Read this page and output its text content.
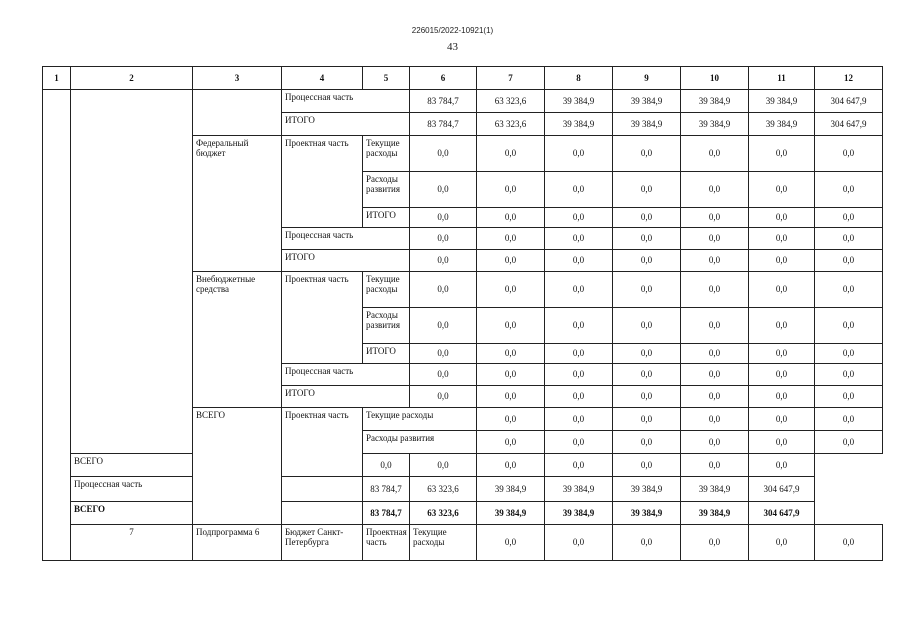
226015/2022-10921(1)
43
1	2	3	4	5	6	7	8	9	10	11	12	
			Процессная часть		83 784,7	63 323,6	39 384,9	39 384,9	39 384,9	39 384,9	304 647,9	
			ИТОГО		83 784,7	63 323,6	39 384,9	39 384,9	39 384,9	39 384,9	304 647,9	
		Федеральный бюджет	Проектная часть	Текущие расходы	0,0	0,0	0,0	0,0	0,0	0,0	0,0	
				Расходы развития	0,0	0,0	0,0	0,0	0,0	0,0	0,0	
				ИТОГО	0,0	0,0	0,0	0,0	0,0	0,0	0,0	
			Процессная часть		0,0	0,0	0,0	0,0	0,0	0,0	0,0	
			ИТОГО		0,0	0,0	0,0	0,0	0,0	0,0	0,0	
		Внебюджетные средства	Проектная часть	Текущие расходы	0,0	0,0	0,0	0,0	0,0	0,0	0,0	
				Расходы развития	0,0	0,0	0,0	0,0	0,0	0,0	0,0	
				ИТОГО	0,0	0,0	0,0	0,0	0,0	0,0	0,0	
			Процессная часть		0,0	0,0	0,0	0,0	0,0	0,0	0,0	
			ИТОГО		0,0	0,0	0,0	0,0	0,0	0,0	0,0	
		ВСЕГО	Проектная часть	Текущие расходы		0,0	0,0	0,0	0,0	0,0	0,0	
				Расходы развития		0,0	0,0	0,0	0,0	0,0	0,0	
	ВСЕГО			0,0	0,0	0,0	0,0	0,0	0,0	0,0		
	Процессная часть			83 784,7	63 323,6	39 384,9	39 384,9	39 384,9	39 384,9	304 647,9		
	ВСЕГО			83 784,7	63 323,6	39 384,9	39 384,9	39 384,9	39 384,9	304 647,9		
	7	Подпрограмма 6	Бюджет Санкт-Петербурга	Проектная часть	Текущие расходы	0,0	0,0	0,0	0,0	0,0	0,0	
